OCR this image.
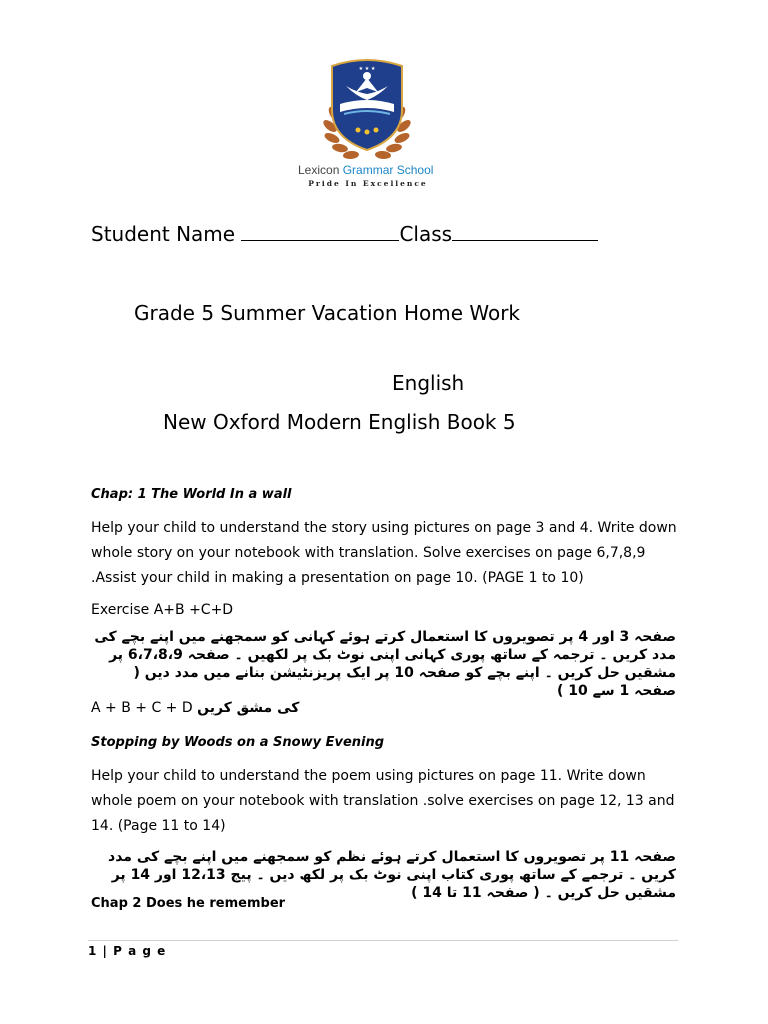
★ ★ ★
Lexicon Grammar School
Pride In Excellence
Student Name	Class
Grade 5 Summer Vacation Home Work
English
New Oxford Modern English Book 5
Chap: 1 The World In a wall
Help your child to understand the story using pictures on page 3 and 4. Write down whole story on your notebook with translation. Solve exercises on page 6,7,8,9 .Assist your child in making a presentation on page 10. (PAGE 1 to 10)
Exercise A+B +C+D
صفحہ 3 اور 4 پر تصویروں کا استعمال کرتے ہوئے کہانی کو سمجھنے میں اپنے بچے کی مدد کریں ۔ ترجمہ کے ساتھ پوری کہانی اپنی نوٹ بک پر لکھیں ۔ صفحہ 6،7،8،9 پر مشقیں حل کریں ۔ اپنے بچے کو صفحہ 10 پر ایک پریزنٹیشن بنانے میں مدد دیں ( صفحہ 1 سے 10 )
A + B + C + D کی مشق کریں
Stopping by Woods on a Snowy Evening
Help your child to understand the poem using pictures on page 11. Write down whole poem on your notebook with translation .solve exercises on page 12, 13 and 14. (Page 11 to 14)
صفحہ 11 پر تصویروں کا استعمال کرتے ہوئے نظم کو سمجھنے میں اپنے بچے کی مدد کریں ۔ ترجمے کے ساتھ پوری کتاب اپنی نوٹ بک پر لکھ دیں ۔ پیج 12،13 اور 14 پر مشقیں حل کریں ۔ ( صفحہ 11 تا 14 )
Chap 2 Does he remember
1 | P a g e
